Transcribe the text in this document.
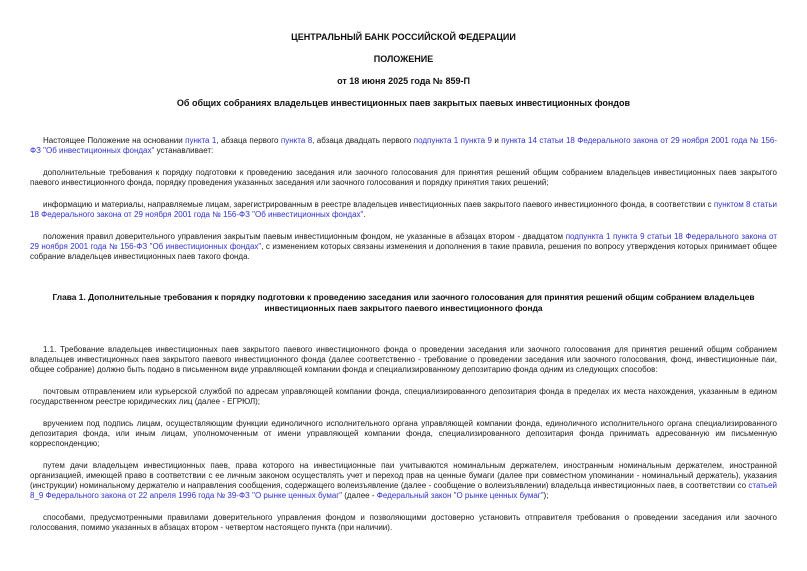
ЦЕНТРАЛЬНЫЙ БАНК РОССИЙСКОЙ ФЕДЕРАЦИИ
ПОЛОЖЕНИЕ
от 18 июня 2025 года № 859-П
Об общих собраниях владельцев инвестиционных паев закрытых паевых инвестиционных фондов

Настоящее Положение на основании пункта 1, абзаца первого пункта 8, абзаца двадцать первого подпункта 1 пункта 9 и пункта 14 статьи 18 Федерального закона от 29 ноября 2001 года № 156-ФЗ "Об инвестиционных фондах" устанавливает:

дополнительные требования к порядку подготовки к проведению заседания или заочного голосования для принятия решений общим собранием владельцев инвестиционных паев закрытого паевого инвестиционного фонда, порядку проведения указанных заседания или заочного голосования и порядку принятия таких решений;

информацию и материалы, направляемые лицам, зарегистрированным в реестре владельцев инвестиционных паев закрытого паевого инвестиционного фонда, в соответствии с пунктом 8 статьи 18 Федерального закона от 29 ноября 2001 года № 156-ФЗ "Об инвестиционных фондах".

положения правил доверительного управления закрытым паевым инвестиционным фондом, не указанные в абзацах втором - двадцатом подпункта 1 пункта 9 статьи 18 Федерального закона от 29 ноября 2001 года № 156-ФЗ "Об инвестиционных фондах", с изменением которых связаны изменения и дополнения в такие правила, решения по вопросу утверждения которых принимает общее собрание владельцев инвестиционных паев такого фонда.

Глава 1. Дополнительные требования к порядку подготовки к проведению заседания или заочного голосования для принятия решений общим собранием владельцев инвестиционных паев закрытого паевого инвестиционного фонда

1.1. Требование владельцев инвестиционных паев закрытого паевого инвестиционного фонда о проведении заседания или заочного голосования для принятия решений общим собранием владельцев инвестиционных паев закрытого паевого инвестиционного фонда (далее соответственно - требование о проведении заседания или заочного голосования, фонд, инвестиционные паи, общее собрание) должно быть подано в письменном виде управляющей компании фонда и специализированному депозитарию фонда одним из следующих способов:

почтовым отправлением или курьерской службой по адресам управляющей компании фонда, специализированного депозитария фонда в пределах их места нахождения, указанным в едином государственном реестре юридических лиц (далее - ЕГРЮЛ);

вручением под подпись лицам, осуществляющим функции единоличного исполнительного органа управляющей компании фонда, единоличного исполнительного органа специализированного депозитария фонда, или иным лицам, уполномоченным от имени управляющей компании фонда, специализированного депозитария фонда принимать адресованную им письменную корреспонденцию;

путем дачи владельцем инвестиционных паев, права которого на инвестиционные паи учитываются номинальным держателем, иностранным номинальным держателем, иностранной организацией, имеющей право в соответствии с ее личным законом осуществлять учет и переход прав на ценные бумаги (далее при совместном упоминании - номинальный держатель), указания (инструкции) номинальному держателю и направления сообщения, содержащего волеизъявление (далее - сообщение о волеизъявлении) владельца инвестиционных паев, в соответствии со статьей 8_9 Федерального закона от 22 апреля 1996 года № 39-ФЗ "О рынке ценных бумаг" (далее - Федеральный закон "О рынке ценных бумаг");

способами, предусмотренными правилами доверительного управления фондом и позволяющими достоверно установить отправителя требования о проведении заседания или заочного голосования, помимо указанных в абзацах втором - четвертом настоящего пункта (при наличии).
